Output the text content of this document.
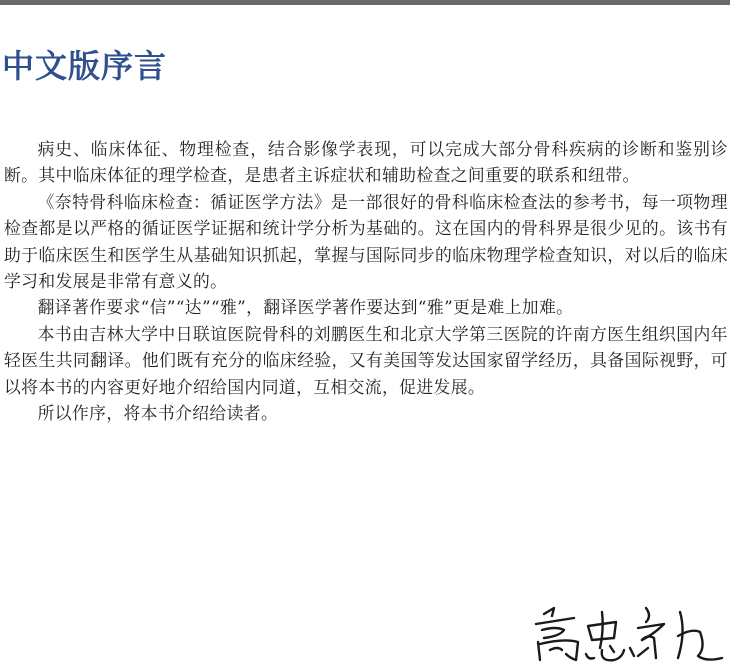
中文版序言

病史、临床体征、物理检查，结合影像学表现，可以完成大部分骨科疾病的诊断和鉴别诊断。其中临床体征的理学检查，是患者主诉症状和辅助检查之间重要的联系和纽带。

《奈特骨科临床检查：循证医学方法》是一部很好的骨科临床检查法的参考书，每一项物理检查都是以严格的循证医学证据和统计学分析为基础的。这在国内的骨科界是很少见的。该书有助于临床医生和医学生从基础知识抓起，掌握与国际同步的临床物理学检查知识，对以后的临床学习和发展是非常有意义的。

翻译著作要求“信”“达”“雅”，翻译医学著作要达到“雅”更是难上加难。

本书由吉林大学中日联谊医院骨科的刘鹏医生和北京大学第三医院的许南方医生组织国内年轻医生共同翻译。他们既有充分的临床经验，又有美国等发达国家留学经历，具备国际视野，可以将本书的内容更好地介绍给国内同道，互相交流，促进发展。

所以作序，将本书介绍给读者。
